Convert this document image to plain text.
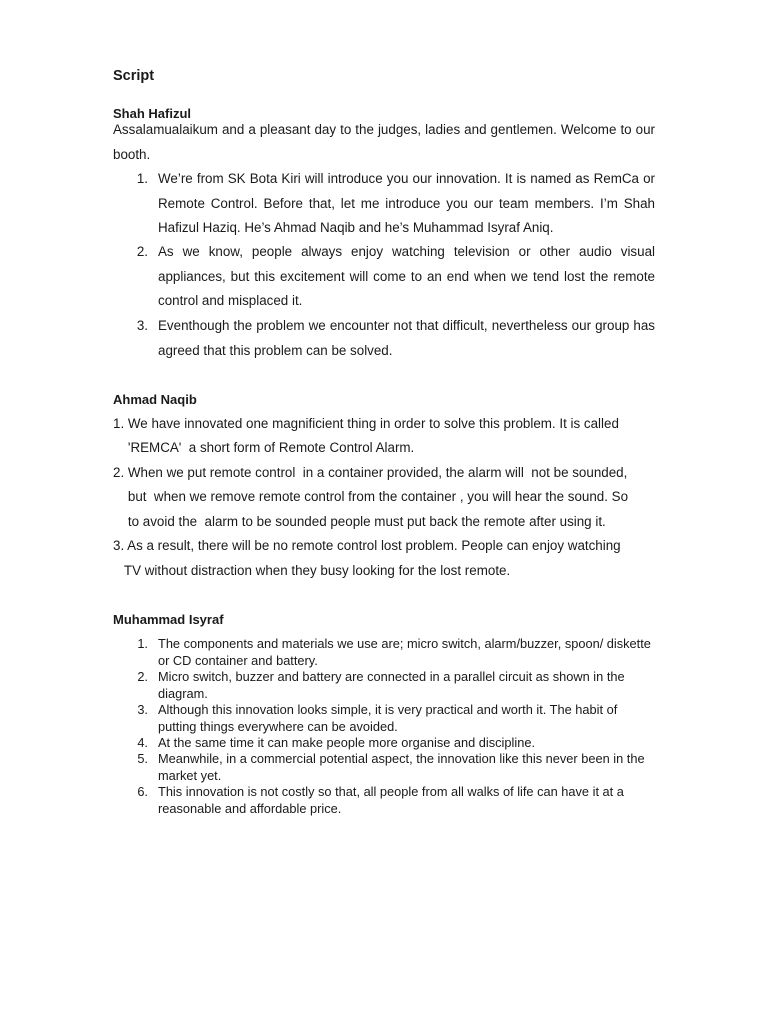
Script
Shah Hafizul

Assalamualaikum and a pleasant day to the judges, ladies and gentlemen. Welcome to our booth.

1. We’re from SK Bota Kiri will introduce you our innovation. It is named as RemCa or Remote Control. Before that, let me introduce you our team members. I’m Shah Hafizul Haziq. He’s Ahmad Naqib and he’s Muhammad Isyraf Aniq.
2. As we know, people always enjoy watching television or other audio visual appliances, but this excitement will come to an end when we tend lost the remote control and misplaced it.
3. Eventhough the problem we encounter not that difficult, nevertheless our group has agreed that this problem can be solved.
Ahmad Naqib
1. We have innovated one magnificient thing in order to solve this problem. It is called
'REMCA'  a short form of Remote Control Alarm.
2. When we put remote control  in a container provided, the alarm will  not be sounded,
but  when we remove remote control from the container , you will hear the sound. So
to avoid the  alarm to be sounded people must put back the remote after using it.
3. As a result, there will be no remote control lost problem. People can enjoy watching
TV without distraction when they busy looking for the lost remote.
Muhammad Isyraf
1. The components and materials we use are; micro switch, alarm/buzzer, spoon/ diskette or CD container and battery.
2. Micro switch, buzzer and battery are connected in a parallel circuit as shown in the diagram.
3. Although this innovation looks simple, it is very practical and worth it. The habit of putting things everywhere can be avoided.
4. At the same time it can make people more organise and discipline.
5. Meanwhile, in a commercial potential aspect, the innovation like this never been in the market yet.
6. This innovation is not costly so that, all people from all walks of life can have it at a reasonable and affordable price.
